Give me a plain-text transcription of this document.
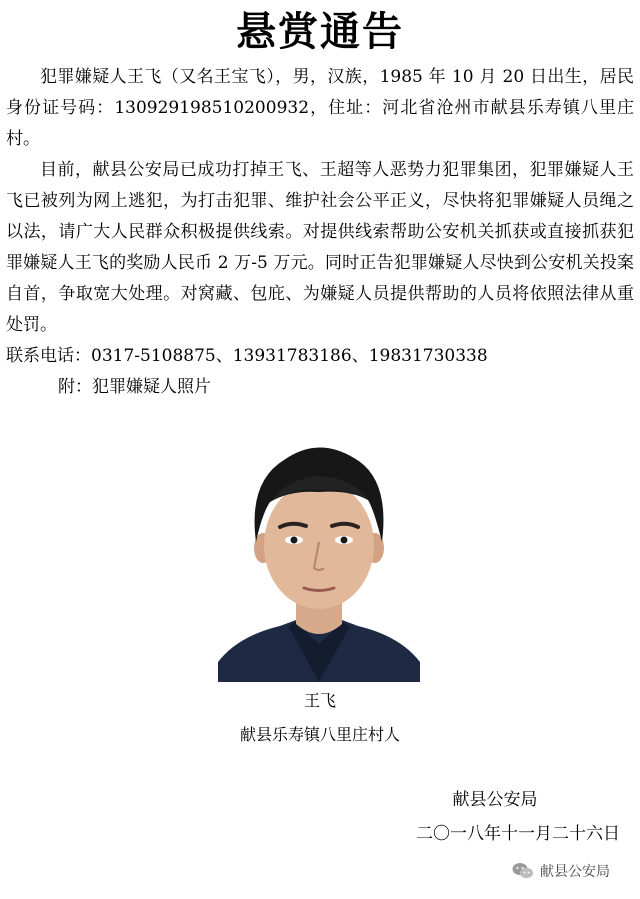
悬赏通告

犯罪嫌疑人王飞（又名王宝飞），男，汉族，1985 年 10 月 20 日出生，居民身份证号码：130929198510200932，住址：河北省沧州市献县乐寿镇八里庄村。

目前，献县公安局已成功打掉王飞、王超等人恶势力犯罪集团，犯罪嫌疑人王飞已被列为网上逃犯，为打击犯罪、维护社会公平正义，尽快将犯罪嫌疑人员绳之以法，请广大人民群众积极提供线索。对提供线索帮助公安机关抓获或直接抓获犯罪嫌疑人王飞的奖励人民币 2 万-5 万元。同时正告犯罪嫌疑人尽快到公安机关投案自首，争取宽大处理。对窝藏、包庇、为嫌疑人员提供帮助的人员将依照法律从重处罚。

联系电话：0317-5108875、13931783186、19831730338

附：犯罪嫌疑人照片

王飞
献县乐寿镇八里庄村人
献县公安局
二〇一八年十一月二十六日
献县公安局
